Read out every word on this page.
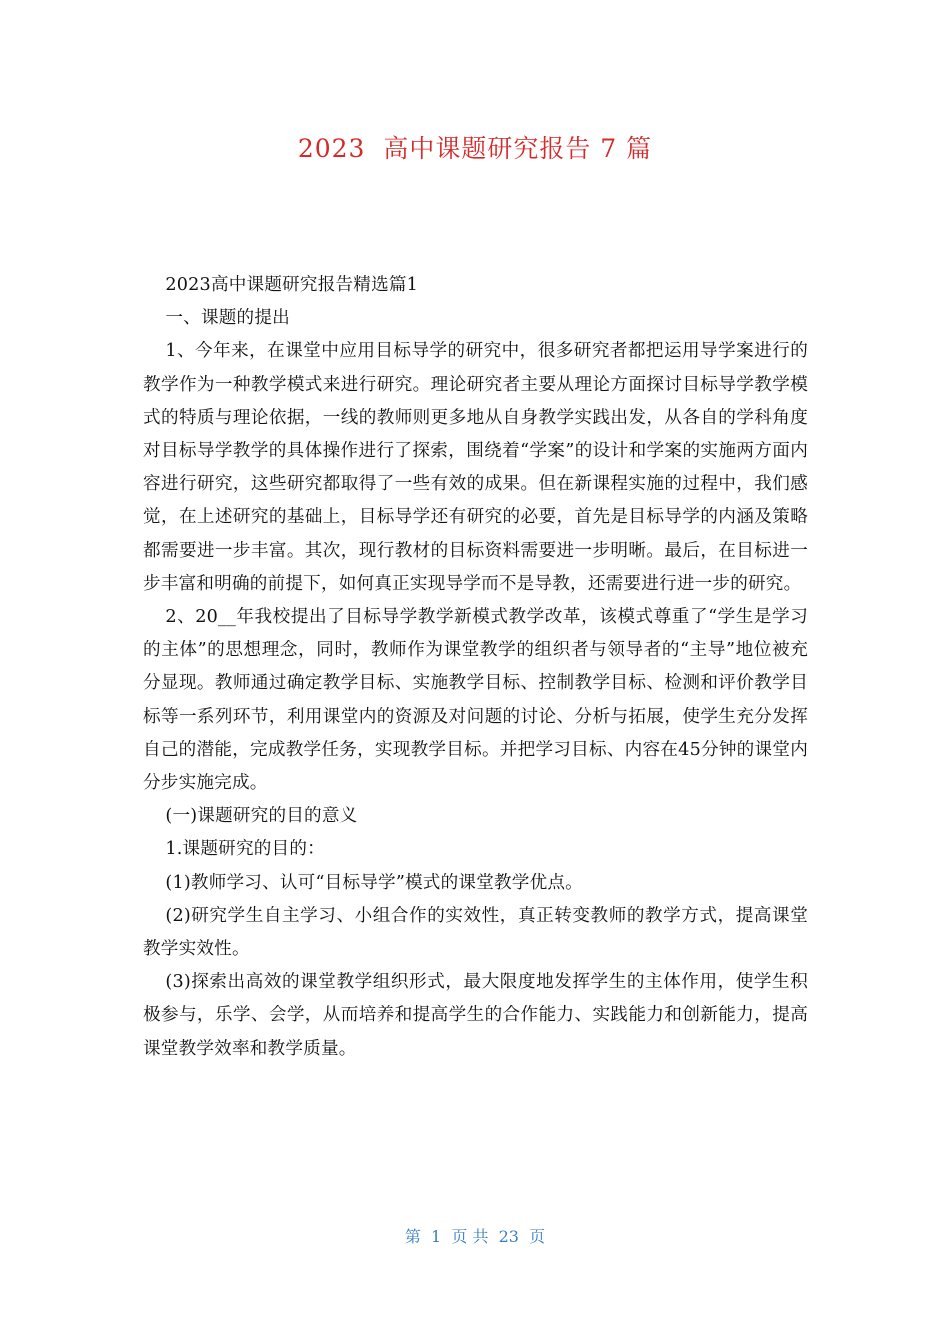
2023  高中课题研究报告 7 篇

2023高中课题研究报告精选篇1

一、课题的提出

1、今年来，在课堂中应用目标导学的研究中，很多研究者都把运用导学案进行的教学作为一种教学模式来进行研究。理论研究者主要从理论方面探讨目标导学教学模式的特质与理论依据，一线的教师则更多地从自身教学实践出发，从各自的学科角度对目标导学教学的具体操作进行了探索，围绕着“学案”的设计和学案的实施两方面内容进行研究，这些研究都取得了一些有效的成果。但在新课程实施的过程中，我们感觉，在上述研究的基础上，目标导学还有研究的必要，首先是目标导学的内涵及策略都需要进一步丰富。其次，现行教材的目标资料需要进一步明晰。最后，在目标进一步丰富和明确的前提下，如何真正实现导学而不是导教，还需要进行进一步的研究。

2、20__年我校提出了目标导学教学新模式教学改革，该模式尊重了“学生是学习的主体”的思想理念，同时，教师作为课堂教学的组织者与领导者的“主导”地位被充分显现。教师通过确定教学目标、实施教学目标、控制教学目标、检测和评价教学目标等一系列环节，利用课堂内的资源及对问题的讨论、分析与拓展，使学生充分发挥自己的潜能，完成教学任务，实现教学目标。并把学习目标、内容在45分钟的课堂内分步实施完成。

(一)课题研究的目的意义

1.课题研究的目的：

(1)教师学习、认可“目标导学”模式的课堂教学优点。

(2)研究学生自主学习、小组合作的实效性，真正转变教师的教学方式，提高课堂教学实效性。

(3)探索出高效的课堂教学组织形式，最大限度地发挥学生的主体作用，使学生积极参与，乐学、会学，从而培养和提高学生的合作能力、实践能力和创新能力，提高课堂教学效率和教学质量。

第  1  页 共  23  页
